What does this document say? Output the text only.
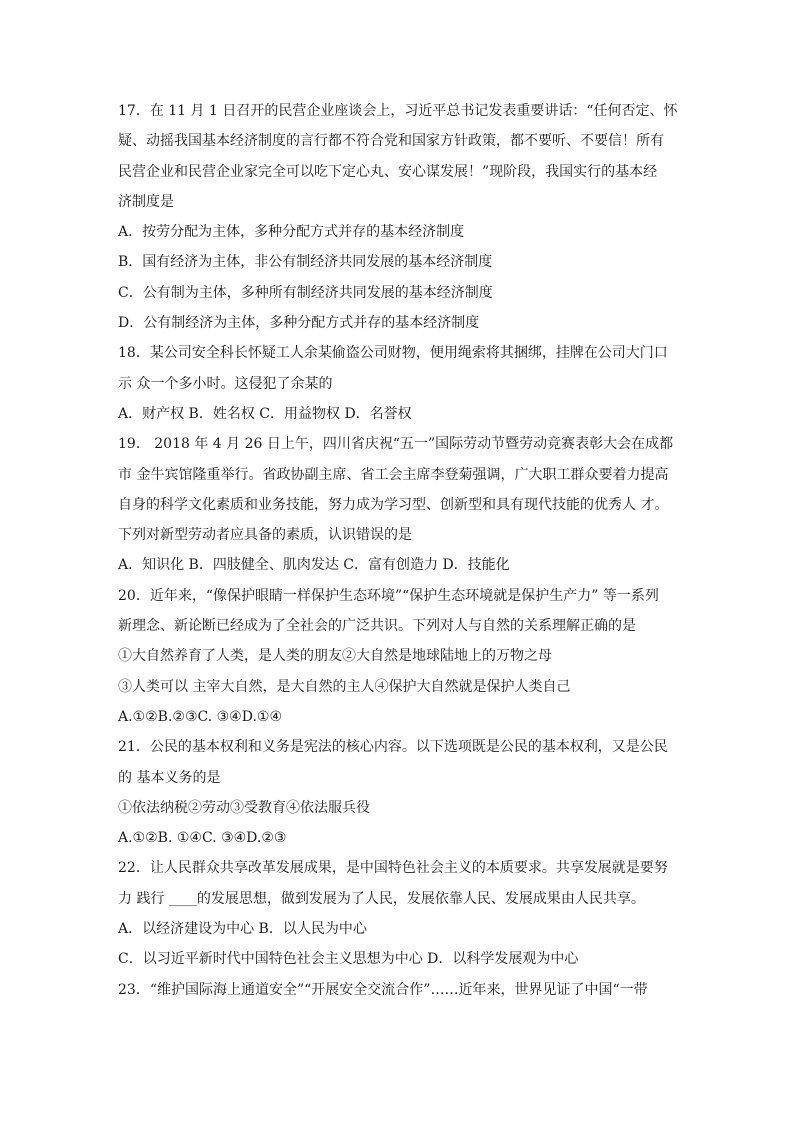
17．在 11 月 1 日召开的民营企业座谈会上，习近平总书记发表重要讲话：“任何否定、怀
疑、动摇我国基本经济制度的言行都不符合党和国家方针政策，都不要听、不要信！所有
民营企业和民营企业家完全可以吃下定心丸、安心谋发展！”现阶段，我国实行的基本经
济制度是
A．按劳分配为主体，多种分配方式并存的基本经济制度
B．国有经济为主体，非公有制经济共同发展的基本经济制度
C．公有制为主体，多种所有制经济共同发展的基本经济制度
D．公有制经济为主体，多种分配方式并存的基本经济制度
18．某公司安全科长怀疑工人余某偷盗公司财物，便用绳索将其捆绑，挂牌在公司大门口
示 众一个多小时。这侵犯了余某的
A．财产权 B．姓名权 C．用益物权 D．名誉权
19． 2018 年 4 月 26 日上午，四川省庆祝“五一”国际劳动节暨劳动竞赛表彰大会在成都
市 金牛宾馆隆重举行。省政协副主席、省工会主席李登菊强调，广大职工群众要着力提高
自身的科学文化素质和业务技能，努力成为学习型、创新型和具有现代技能的优秀人 才。
下列对新型劳动者应具备的素质，认识错误的是
A．知识化 B．四肢健全、肌肉发达 C．富有创造力 D．技能化
20．近年来，“像保护眼睛一样保护生态环境”“保护生态环境就是保护生产力” 等一系列
新理念、新论断已经成为了全社会的广泛共识。下列对人与自然的关系理解正确的是
①大自然养育了人类，是人类的朋友②大自然是地球陆地上的万物之母
③人类可以 主宰大自然，是大自然的主人④保护大自然就是保护人类自己
A.①②B.②③C. ③④D.①④
21．公民的基本权利和义务是宪法的核心内容。以下选项既是公民的基本权利，又是公民
的 基本义务的是
①依法纳税②劳动③受教育④依法服兵役
A.①②B. ①④C. ③④D.②③
22．让人民群众共享改革发展成果，是中国特色社会主义的本质要求。共享发展就是要努
力 践行 ____的发展思想，做到发展为了人民，发展依靠人民、发展成果由人民共享。
A．以经济建设为中心 B．以人民为中心
C．以习近平新时代中国特色社会主义思想为中心 D．以科学发展观为中心
23．“维护国际海上通道安全”“开展安全交流合作”……近年来，世界见证了中国“一带
